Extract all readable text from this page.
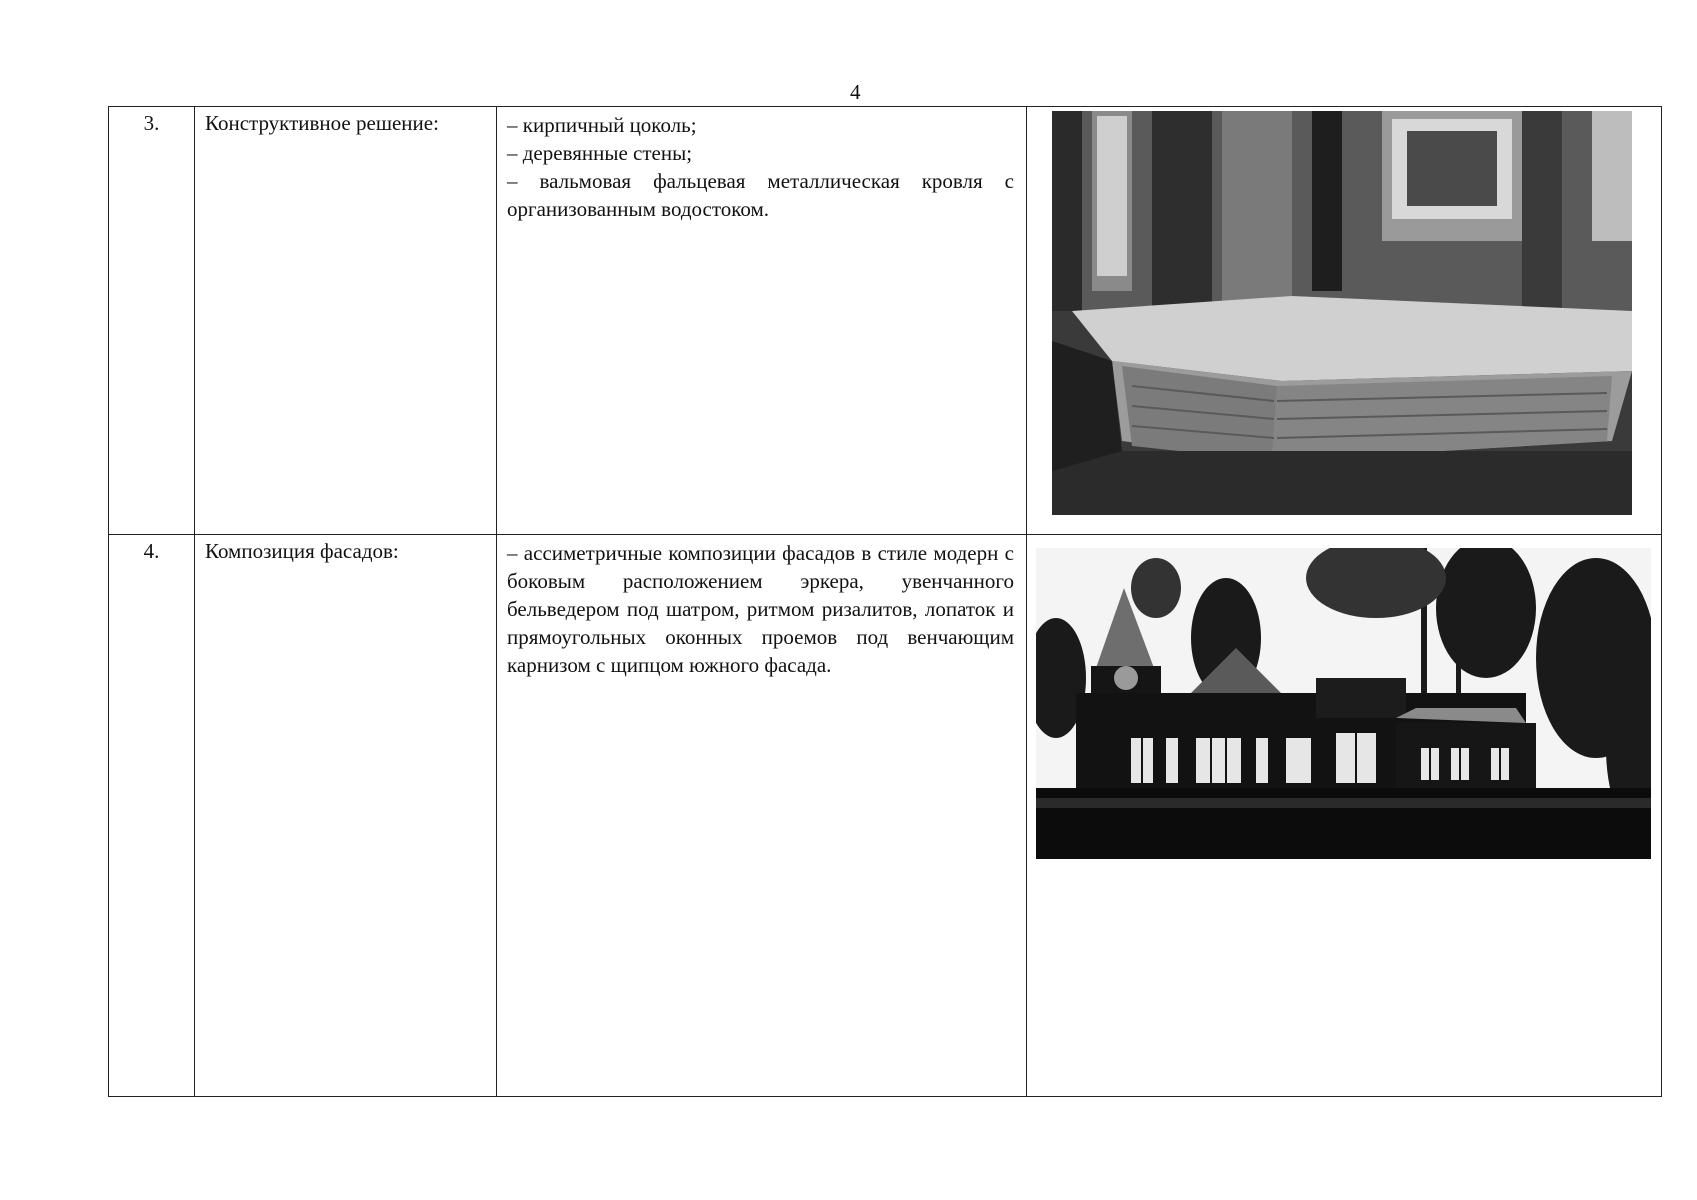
4
3.	Конструктивное решение:	– кирпичный цоколь;

– деревянные стены;

– вальмовая фальцевая металлическая кровля с организованным водостоком.

4.	Композиция фасадов:	– ассиметричные композиции фасадов в стиле модерн с боковым расположением эркера, увенчанного бельведером под шатром, ритмом ризалитов, лопаток и прямоугольных оконных проемов под венчающим карнизом с щипцом южного фасада.
